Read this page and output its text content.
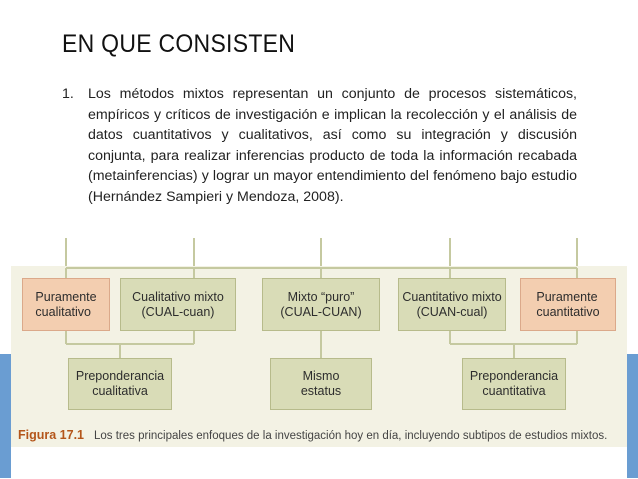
EN QUE CONSISTEN
1. Los métodos mixtos representan un conjunto de procesos sistemáticos, empíricos y críticos de investigación e implican la recolección y el análisis de datos cuantitativos y cualitativos, así como su integración y discusión conjunta, para realizar inferencias producto de toda la información recabada (metainferencias) y lograr un mayor entendimiento del fenómeno bajo estudio (Hernández Sampieri y Mendoza, 2008).
Puramente
cualitativo
Cualitativo mixto
(CUAL-cuan)
Mixto “puro”
(CUAL-CUAN)
Cuantitativo mixto
(CUAN-cual)
Puramente
cuantitativo
Preponderancia
cualitativa
Mismo
estatus
Preponderancia
cuantitativa
Figura 17.1 Los tres principales enfoques de la investigación hoy en día, incluyendo subtipos de estudios mixtos.
